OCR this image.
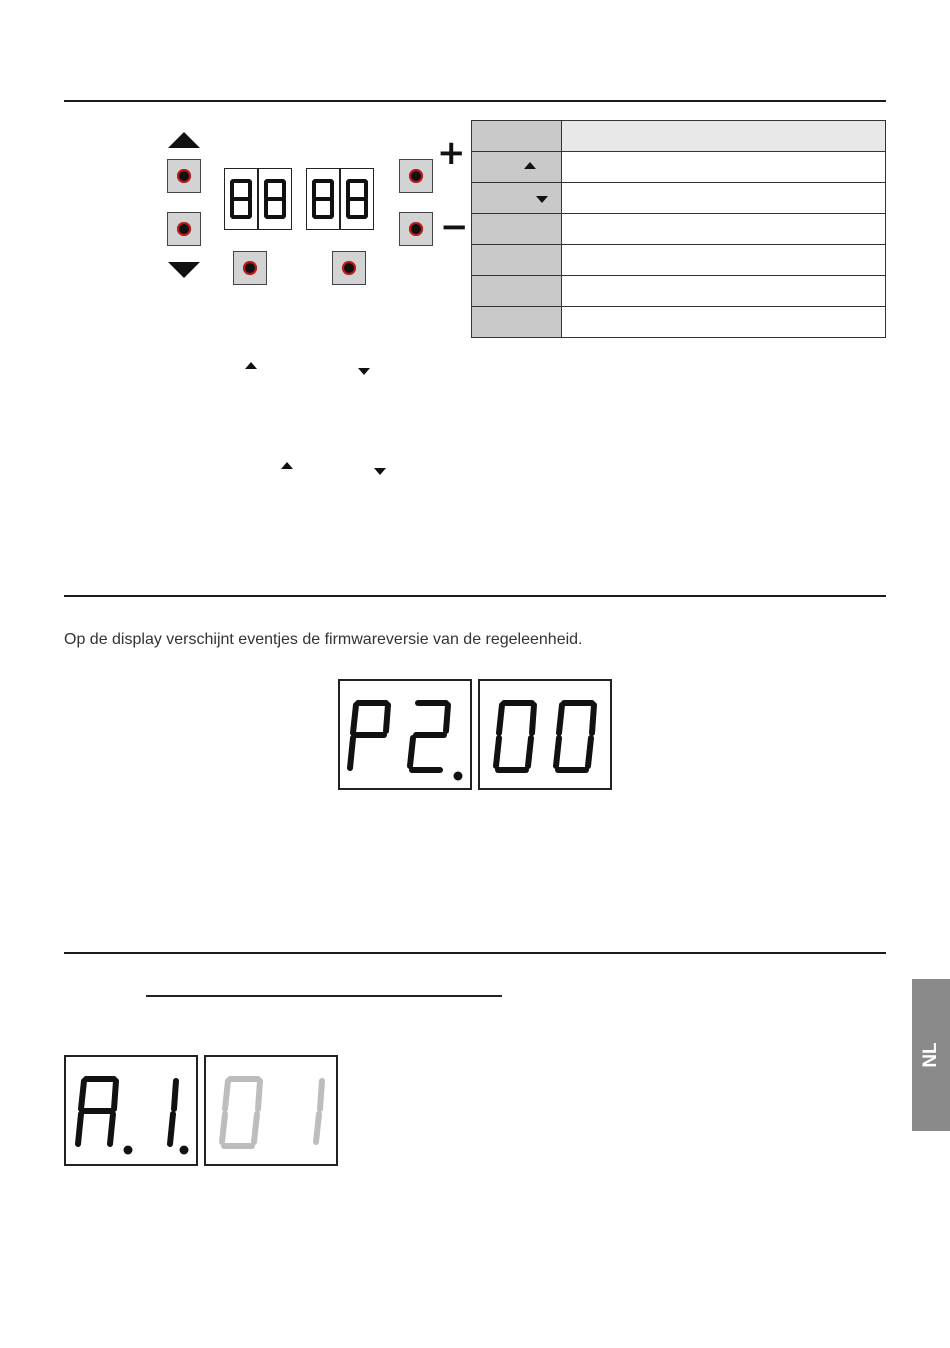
+
−

Op de display verschijnt eventjes de firmwareversie van de regeleenheid.
NL
